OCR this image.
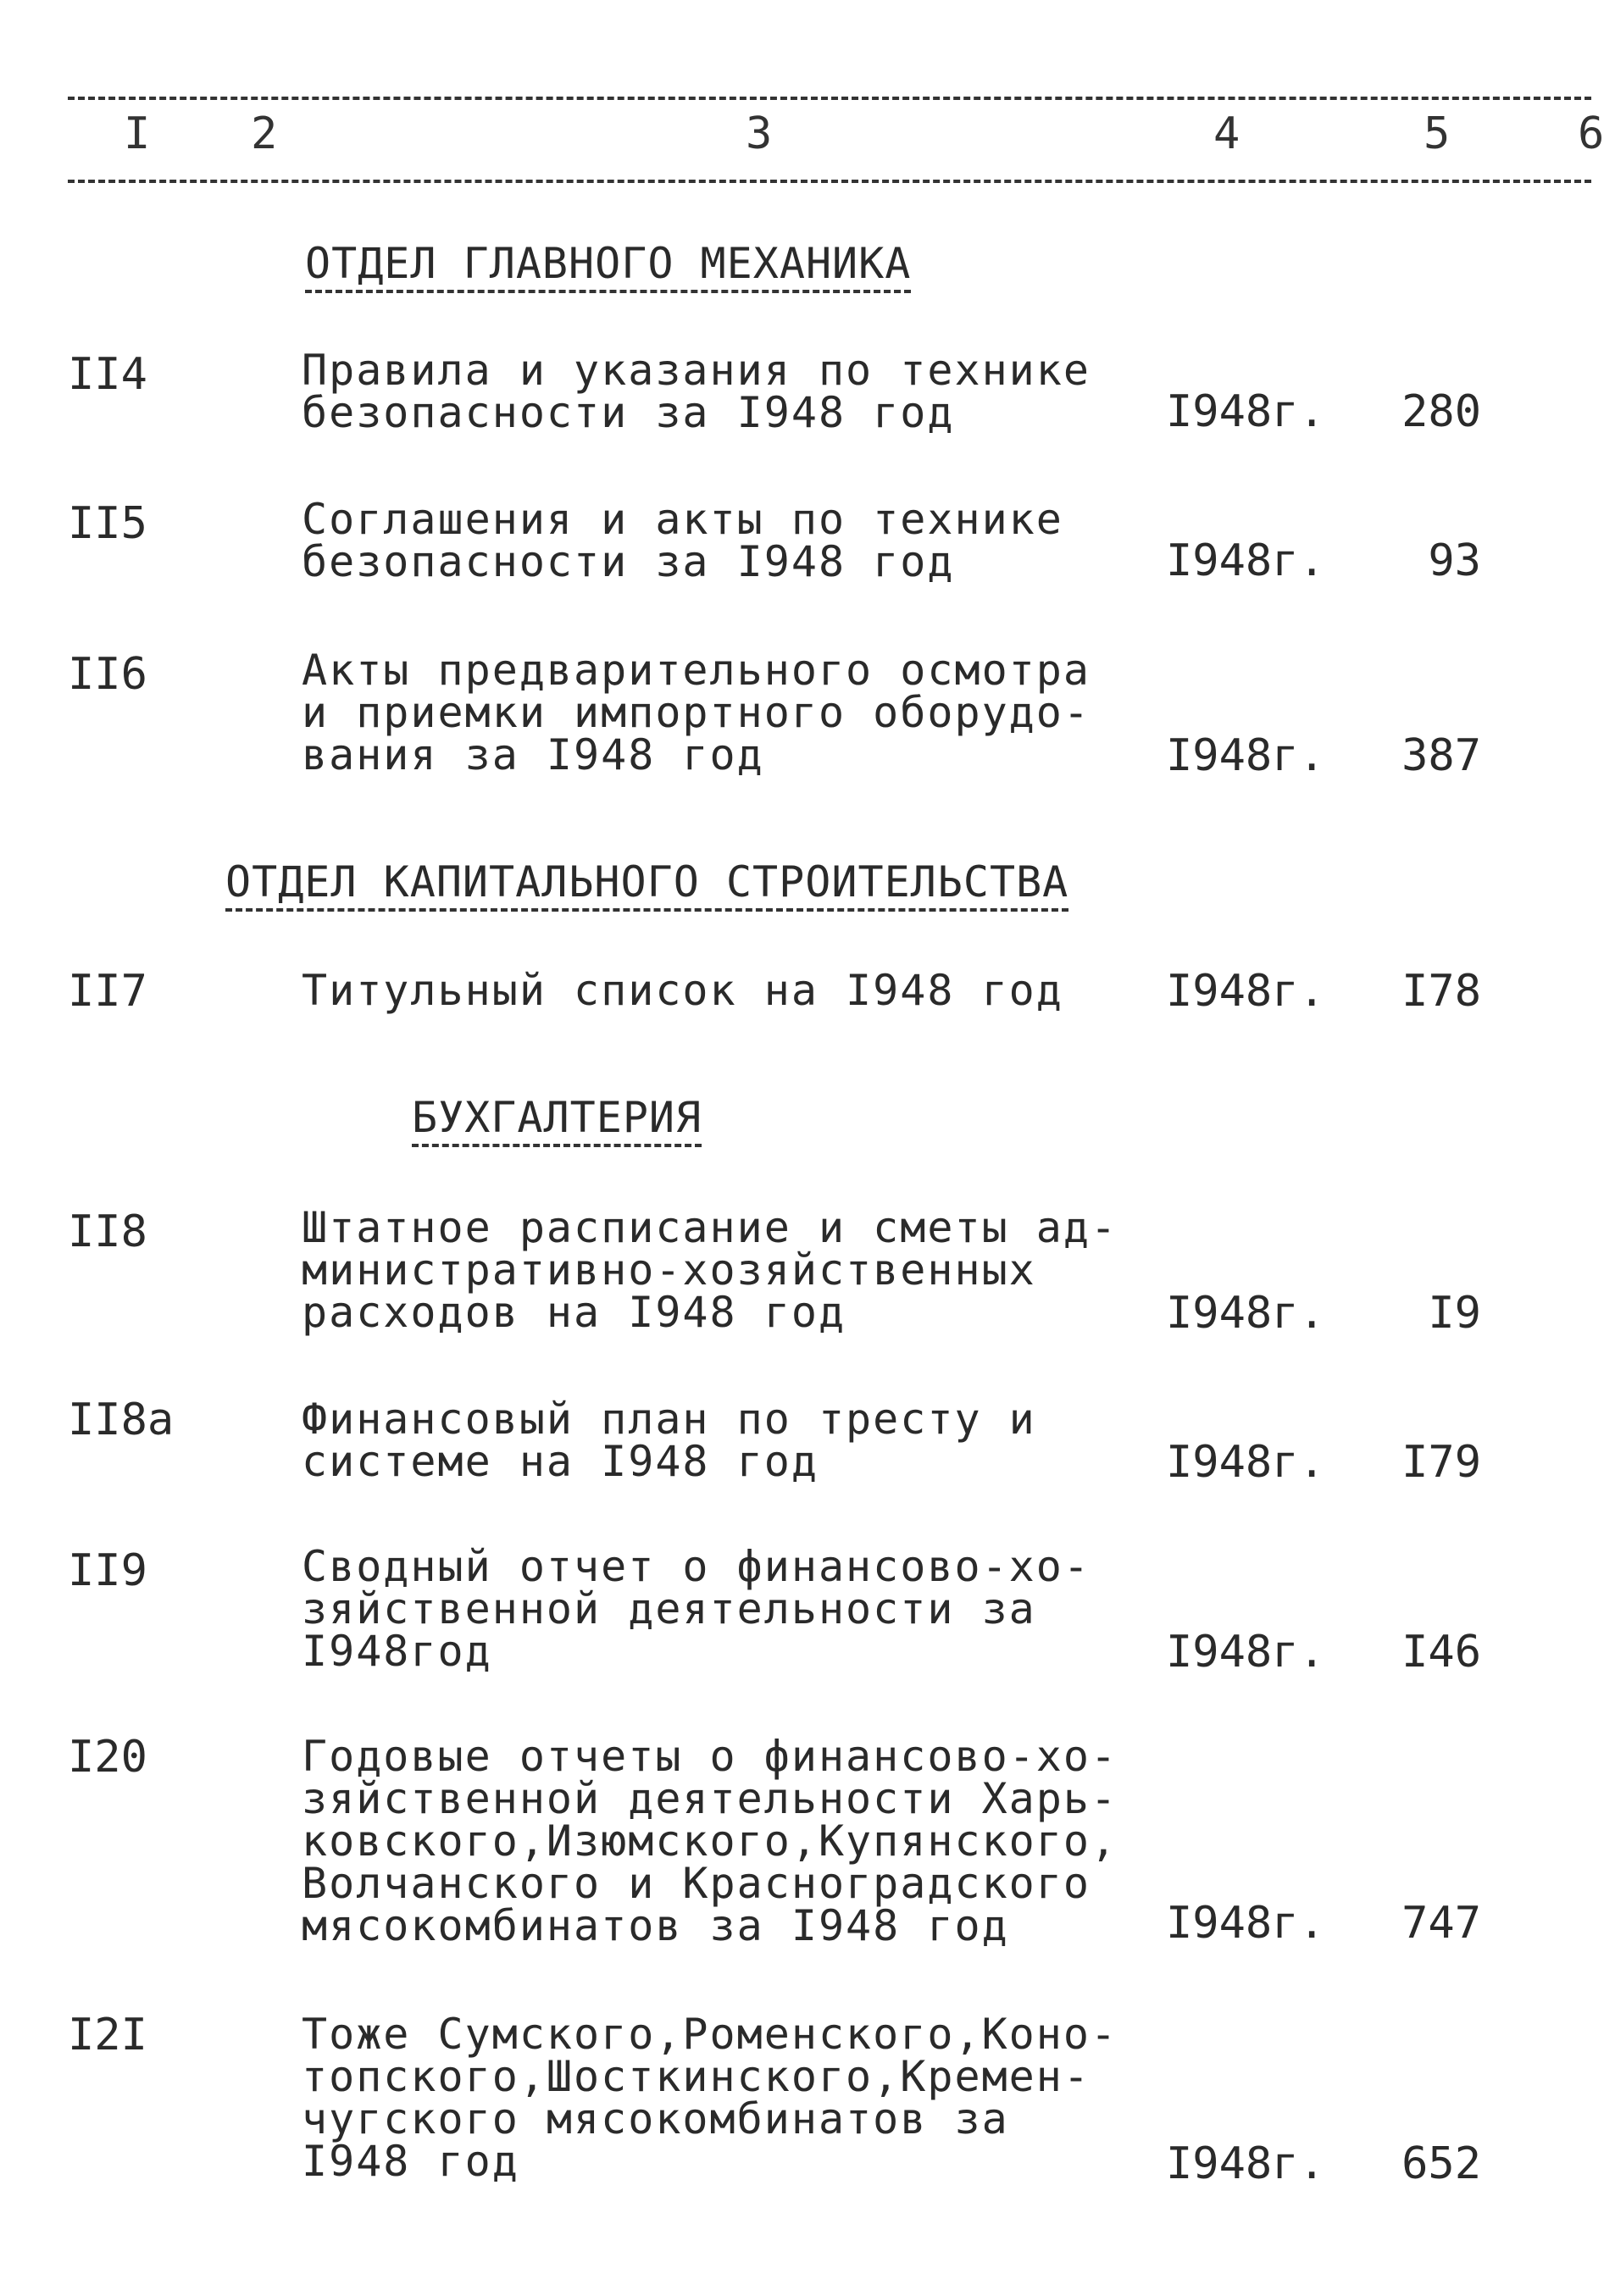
I 2	3	4	5	6
ОТДЕЛ ГЛАВНОГО МЕХАНИКА
II4	Правила и указания по технике
безопасности за I948 год	I948г.	280
II5	Соглашения и акты по технике
безопасности за I948 год	I948г.	93
II6	Акты предварительного осмотра
и приемки импортного оборудо-
вания за I948 год	I948г.	387
ОТДЕЛ КАПИТАЛЬНОГО СТРОИТЕЛЬСТВА
II7	Титульный список на I948 год	I948г.	I78
БУХГАЛТЕРИЯ
II8	Штатное расписание и сметы ад-
министративно-хозяйственных
расходов на I948 год	I948г.	I9
II8а	Финансовый план по тресту и
системе на I948 год	I948г.	I79
II9	Сводный отчет о финансово-хо-
зяйственной деятельности за
I948год	I948г.	I46
I20	Годовые отчеты о финансово-хо-
зяйственной деятельности Харь-
ковского,Изюмского,Купянского,
Волчанского и Красноградского
мясокомбинатов за I948 год	I948г.	747
I2I	Тоже Сумского,Роменского,Коно-
топского,Шосткинского,Кремен-
чугского мясокомбинатов за
I948 год	I948г.	652
